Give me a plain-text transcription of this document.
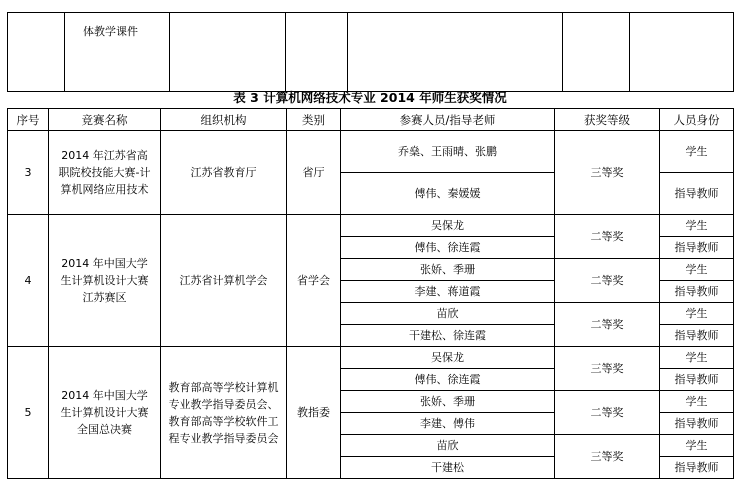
	体教学课件					
表 3 计算机网络技术专业 2014 年师生获奖情况
序号	竞赛名称	组织机构	类别	参赛人员/指导老师	获奖等级	人员身份
3	2014 年江苏省高职院校技能大赛-计算机网络应用技术	江苏省教育厅	省厅	乔燊、王雨晴、张鹏	三等奖	学生
				傅伟、秦媛媛		指导教师
4	2014 年中国大学生计算机设计大赛江苏赛区	江苏省计算机学会	省学会	吴保龙	二等奖	学生
				傅伟、徐连霞		指导教师
				张娇、季珊	二等奖	学生
				李建、蒋道霞		指导教师
				苗欣	二等奖	学生
				干建松、徐连霞		指导教师
5	2014 年中国大学生计算机设计大赛全国总决赛	教育部高等学校计算机专业教学指导委员会、教育部高等学校软件工程专业教学指导委员会	教指委	吴保龙	三等奖	学生
				傅伟、徐连霞		指导教师
				张娇、季珊	二等奖	学生
				李建、傅伟		指导教师
				苗欣	三等奖	学生
				干建松		指导教师
